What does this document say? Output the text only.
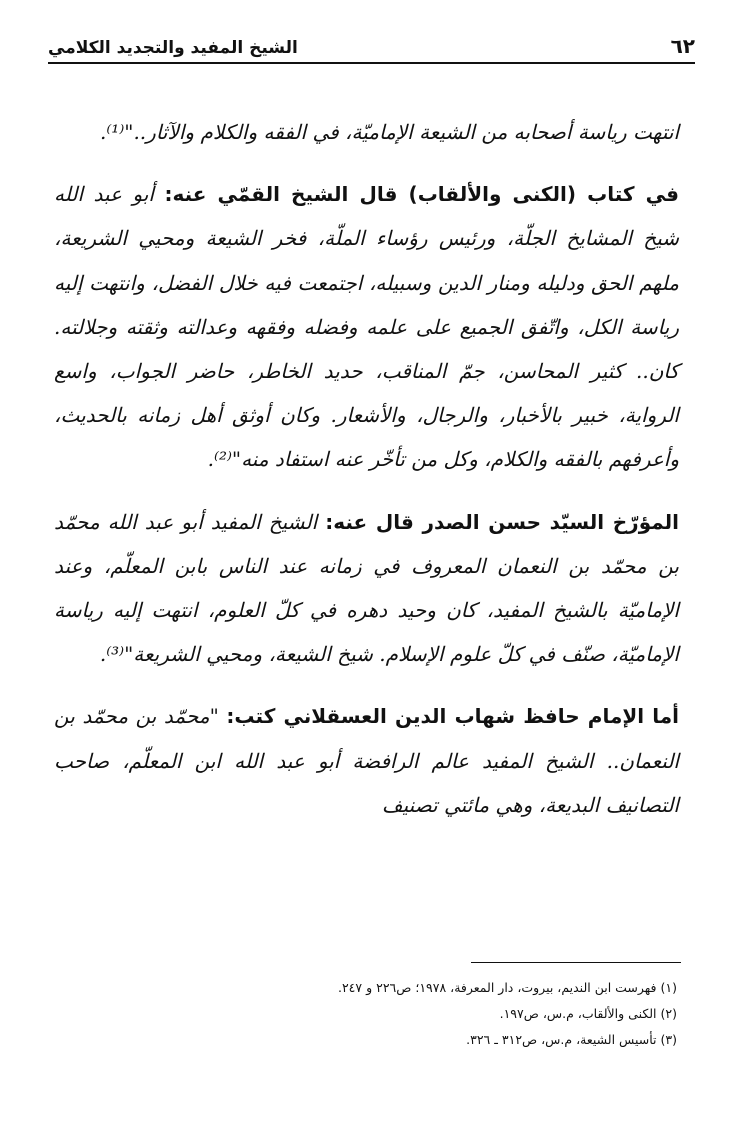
٦٢
الشيخ المفيد والتجديد الكلامي

انتهت رياسة أصحابه من الشيعة الإماميّة، في الفقه والكلام والآثار.."⁽¹⁾.

في كتاب (الكنى والألقاب) قال الشيخ القمّي عنه: أبو عبد الله شيخ المشايخ الجلّة، ورئيس رؤساء الملّة، فخر الشيعة ومحيي الشريعة، ملهم الحق ودليله ومنار الدين وسبيله، اجتمعت فيه خلال الفضل، وانتهت إليه رياسة الكل، واتّفق الجميع على علمه وفضله وفقهه وعدالته وثقته وجلالته. كان.. كثير المحاسن، جمّ المناقب، حديد الخاطر، حاضر الجواب، واسع الرواية، خبير بالأخبار، والرجال، والأشعار. وكان أوثق أهل زمانه بالحديث، وأعرفهم بالفقه والكلام، وكل من تأخّر عنه استفاد منه"⁽²⁾.

المؤرّخ السيّد حسن الصدر قال عنه: الشيخ المفيد أبو عبد الله محمّد بن محمّد بن النعمان المعروف في زمانه عند الناس بابن المعلّم، وعند الإماميّة بالشيخ المفيد، كان وحيد دهره في كلّ العلوم، انتهت إليه رياسة الإماميّة، صنّف في كلّ علوم الإسلام. شيخ الشيعة، ومحيي الشريعة"⁽³⁾.

أما الإمام حافظ شهاب الدين العسقلاني كتب: "محمّد بن محمّد بن النعمان.. الشيخ المفيد عالم الرافضة أبو عبد الله ابن المعلّم، صاحب التصانيف البديعة، وهي مائتي تصنيف

(١) فهرست ابن النديم، بيروت، دار المعرفة، ١٩٧٨؛ ص٢٢٦ و ٢٤٧.

(٢) الكنى والألقاب، م.س، ص١٩٧.

(٣) تأسيس الشيعة، م.س، ص٣١٢ ـ ٣٢٦.
